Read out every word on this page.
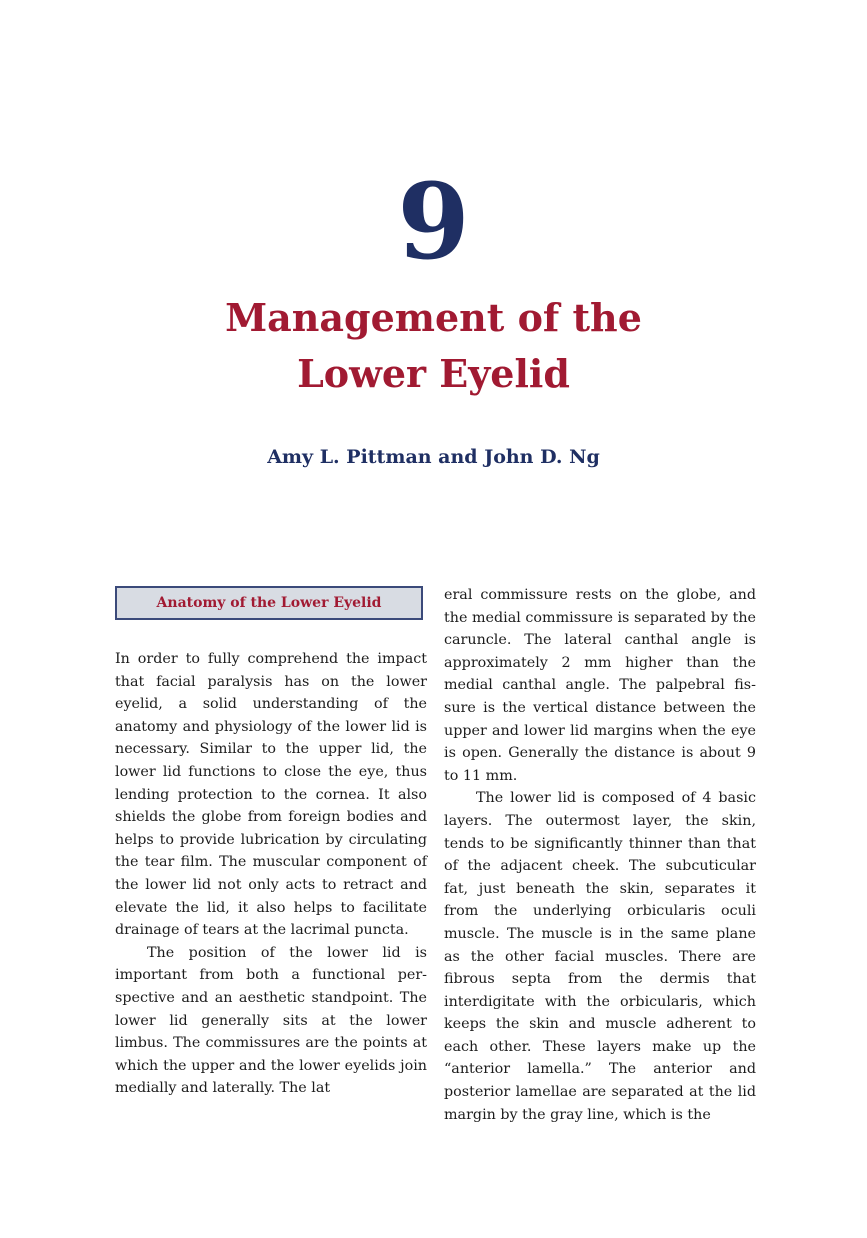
9
Management of the
Lower Eyelid
Amy L. Pittman and John D. Ng
Anatomy of the Lower Eyelid

In order to fully comprehend the impact that facial paralysis has on the lower eyelid, a solid understanding of the anatomy and physiology of the lower lid is necessary. Similar to the upper lid, the lower lid functions to close the eye, thus lending protection to the cornea. It also shields the globe from foreign bodies and helps to provide lubrication by circulating the tear film. The muscular component of the lower lid not only acts to retract and elevate the lid, it also helps to facilitate drainage of tears at the lacrimal puncta.

The position of the lower lid is important from both a functional perspective and an aesthetic standpoint. The lower lid generally sits at the lower limbus. The commissures are the points at which the upper and the lower eyelids join medially and laterally. The lat

eral commissure rests on the globe, and the medial commissure is separated by the caruncle. The lateral canthal angle is approximately 2 mm higher than the medial canthal angle. The palpebral fissure is the vertical distance between the upper and lower lid margins when the eye is open. Generally the distance is about 9 to 11 mm.

The lower lid is composed of 4 basic layers. The outermost layer, the skin, tends to be significantly thinner than that of the adjacent cheek. The subcuticular fat, just beneath the skin, separates it from the underlying orbicularis oculi muscle. The muscle is in the same plane as the other facial muscles. There are fibrous septa from the dermis that interdigitate with the orbicularis, which keeps the skin and muscle adherent to each other. These layers make up the “anterior lamella.” The anterior and posterior lamellae are separated at the lid margin by the gray line, which is the
